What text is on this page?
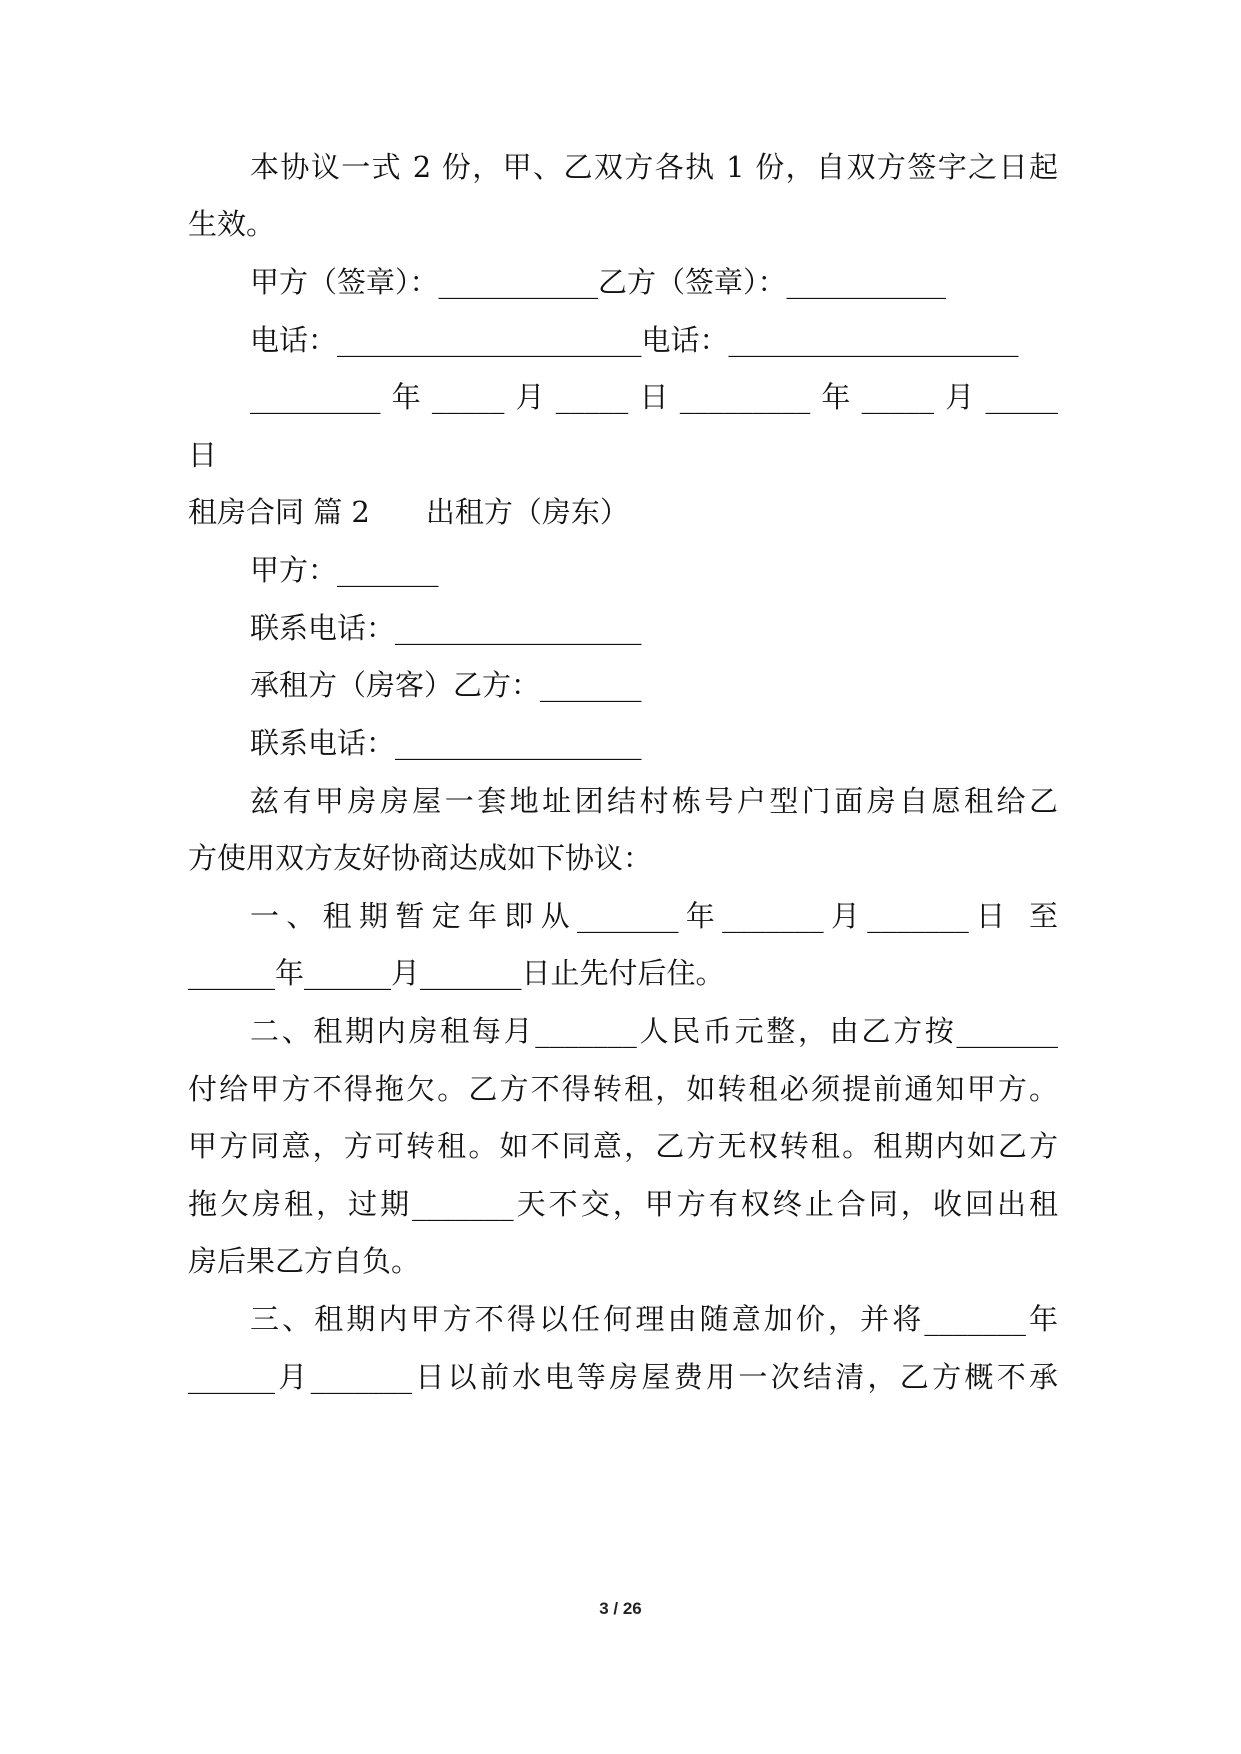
本协议一式 2 份，甲、乙双方各执 1 份，自双方签字之日起
生效。
甲方（签章）：___________乙方（签章）：___________
电话：_____________________电话：____________________
_________年_____月_____日_________年_____月_____
日
租房合同 篇 2 出租方（房东）
甲方：_______
联系电话：_________________
承租方（房客）乙方：_______
联系电话：_________________
兹有甲房房屋一套地址团结村栋号户型门面房自愿租给乙
方使用双方友好协商达成如下协议：
一、租期暂定年即从_______年_______月_______日 至
______年______月_______日止先付后住。
二、租期内房租每月_______人民币元整，由乙方按_______
付给甲方不得拖欠。乙方不得转租，如转租必须提前通知甲方。
甲方同意，方可转租。如不同意，乙方无权转租。租期内如乙方
拖欠房租，过期_______天不交，甲方有权终止合同，收回出租
房后果乙方自负。
三、租期内甲方不得以任何理由随意加价，并将_______年
______月_______日以前水电等房屋费用一次结清，乙方概不承
3 / 26
